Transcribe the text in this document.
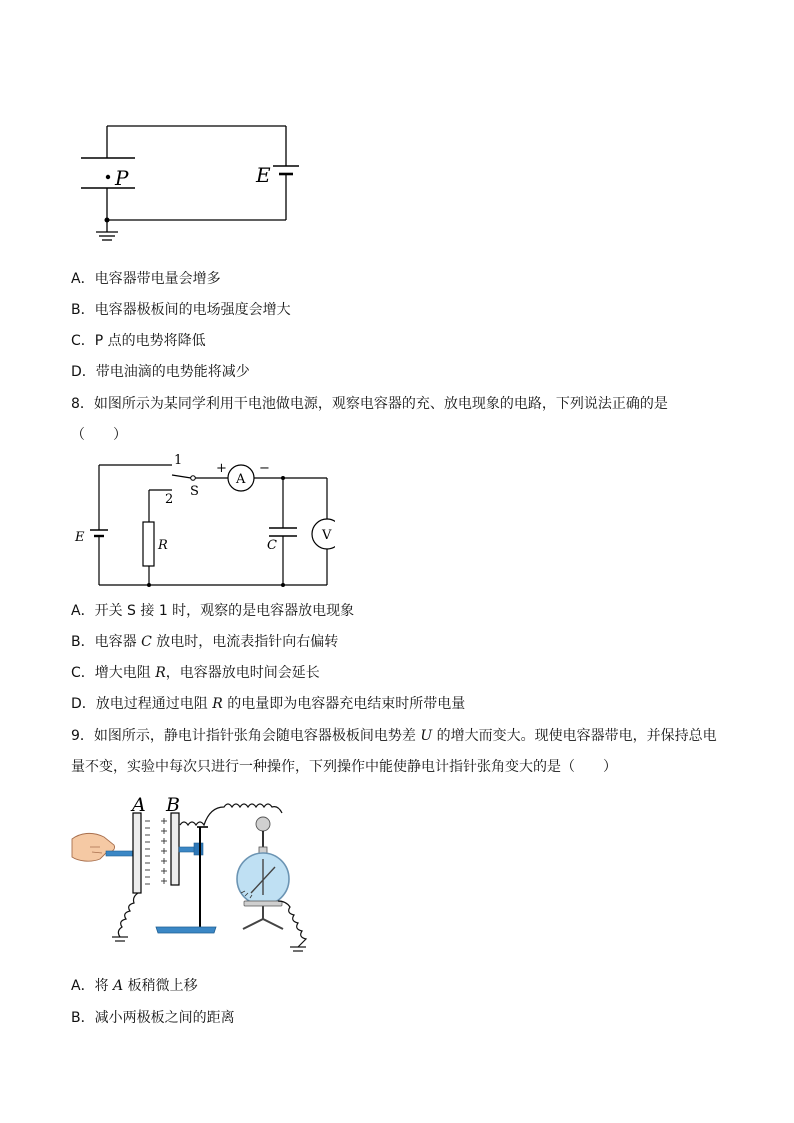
P	E
A．电容器带电量会增多
B．电容器极板间的电场强度会增大
C．P 点的电势将降低
D．带电油滴的电势能将减少
8．如图所示为某同学利用干电池做电源，观察电容器的充、放电现象的电路，下列说法正确的是
（　　）
A
V
+ −
1
2
S
E
R	C
A．开关 S 接 1 时，观察的是电容器放电现象
B．电容器 C 放电时，电流表指针向右偏转
C．增大电阻 R，电容器放电时间会延长
D．放电过程通过电阻 R 的电量即为电容器充电结束时所带电量
9．如图所示，静电计指针张角会随电容器极板间电势差 U 的增大而变大。现使电容器带电，并保持总电
量不变，实验中每次只进行一种操作，下列操作中能使静电计指针张角变大的是（　　）
A B
A．将 A 板稍微上移
B．减小两极板之间的距离
